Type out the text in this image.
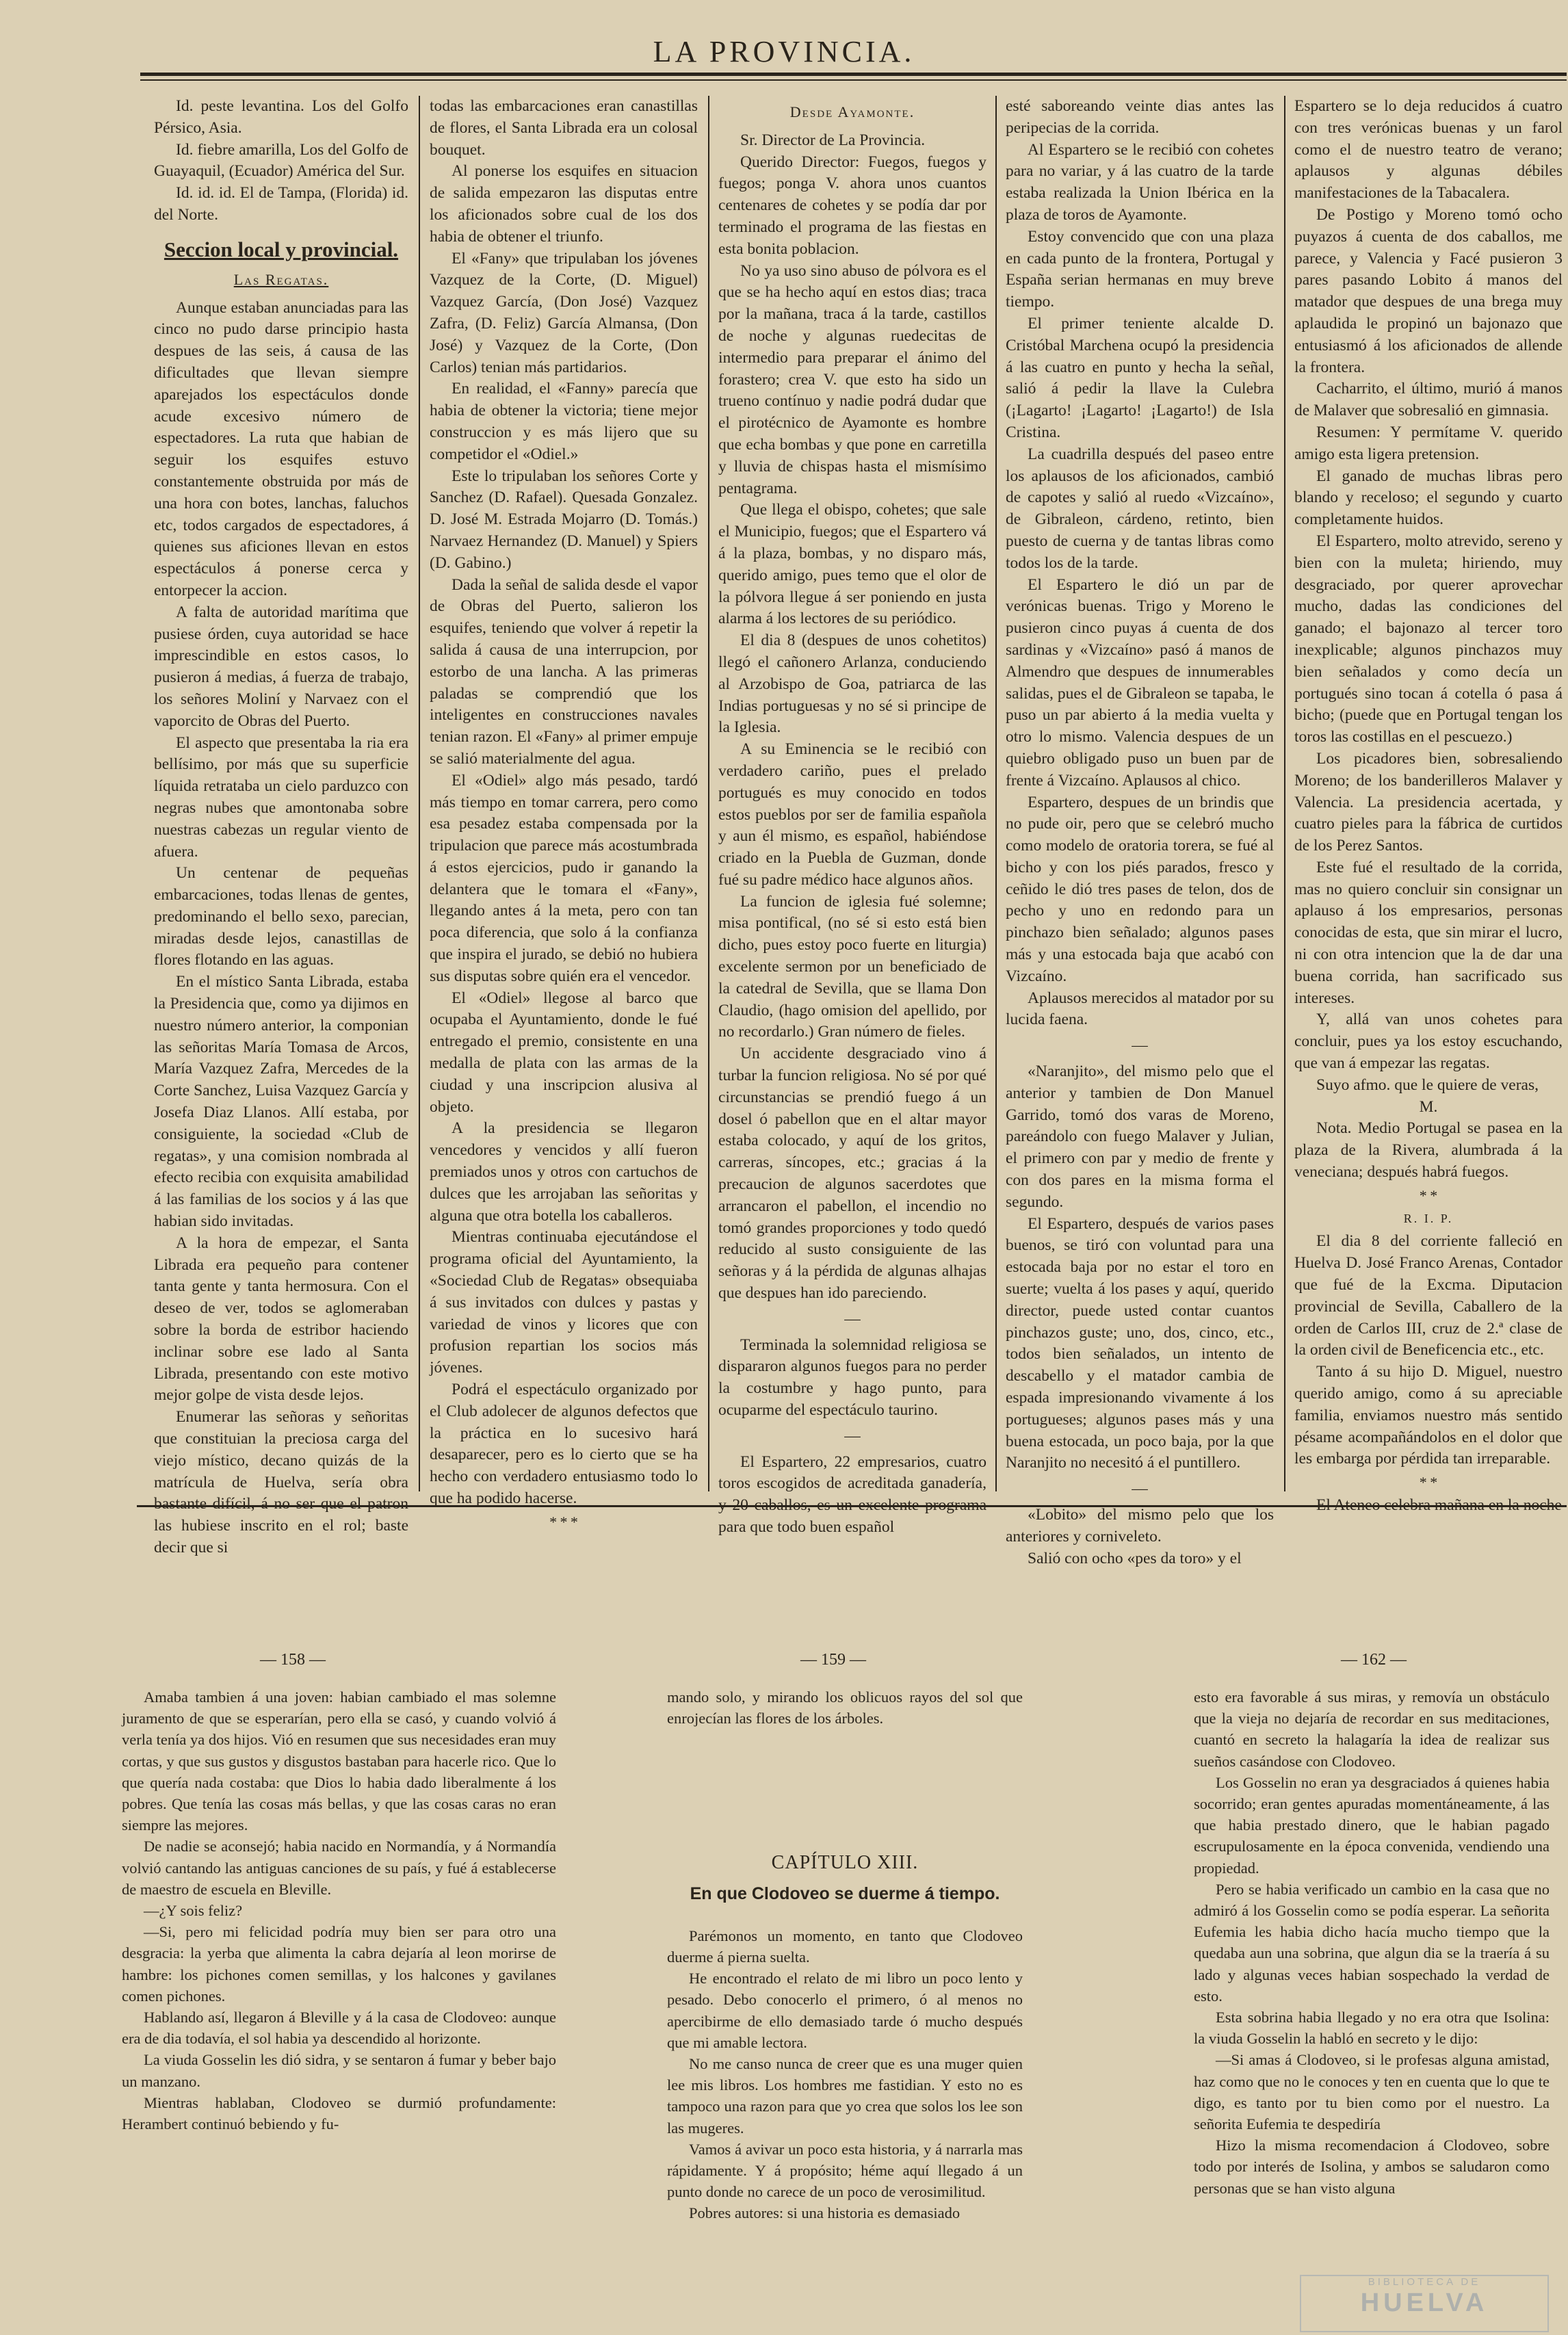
LA PROVINCIA.

Id. peste levantina. Los del Golfo Pérsico, Asia.

Id. fiebre amarilla, Los del Golfo de Guayaquil, (Ecuador) América del Sur.

Id. id. id. El de Tampa, (Florida) id. del Norte.

Seccion local y provincial.
Las Regatas.

Aunque estaban anunciadas para las cinco no pudo darse principio hasta despues de las seis, á causa de las dificultades que llevan siempre aparejados los espectáculos donde acude excesivo número de espectadores. La ruta que habian de seguir los esquifes estuvo constantemente obstruida por más de una hora con botes, lanchas, faluchos etc, todos cargados de espectadores, á quienes sus aficiones llevan en estos espectáculos á ponerse cerca y entorpecer la accion.

A falta de autoridad marítima que pusiese órden, cuya autoridad se hace imprescindible en estos casos, lo pusieron á medias, á fuerza de trabajo, los señores Moliní y Narvaez con el vaporcito de Obras del Puerto.

El aspecto que presentaba la ria era bellísimo, por más que su superficie líquida retrataba un cielo parduzco con negras nubes que amontonaba sobre nuestras cabezas un regular viento de afuera.

Un centenar de pequeñas embarcaciones, todas llenas de gentes, predominando el bello sexo, parecian, miradas desde lejos, canastillas de flores flotando en las aguas.

En el místico Santa Librada, estaba la Presidencia que, como ya dijimos en nuestro número anterior, la componian las señoritas María Tomasa de Arcos, María Vazquez Zafra, Mercedes de la Corte Sanchez, Luisa Vazquez García y Josefa Diaz Llanos. Allí estaba, por consiguiente, la sociedad «Club de regatas», y una comision nombrada al efecto recibia con exquisita amabilidad á las familias de los socios y á las que habian sido invitadas.

A la hora de empezar, el Santa Librada era pequeño para contener tanta gente y tanta hermosura. Con el deseo de ver, todos se aglomeraban sobre la borda de estribor haciendo inclinar sobre ese lado al Santa Librada, presentando con este motivo mejor golpe de vista desde lejos.

Enumerar las señoras y señoritas que constituian la preciosa carga del viejo místico, decano quizás de la matrícula de Huelva, sería obra bastante difícil, á no ser que el patron las hubiese inscrito en el rol; baste decir que si

todas las embarcaciones eran canastillas de flores, el Santa Librada era un colosal bouquet.

Al ponerse los esquifes en situacion de salida empezaron las disputas entre los aficionados sobre cual de los dos habia de obtener el triunfo.

El «Fany» que tripulaban los jóvenes Vazquez de la Corte, (D. Miguel) Vazquez García, (Don José) Vazquez Zafra, (D. Feliz) García Almansa, (Don José) y Vazquez de la Corte, (Don Carlos) tenian más partidarios.

En realidad, el «Fanny» parecía que habia de obtener la victoria; tiene mejor construccion y es más lijero que su competidor el «Odiel.»

Este lo tripulaban los señores Corte y Sanchez (D. Rafael). Quesada Gonzalez. D. José M. Estrada Mojarro (D. Tomás.) Narvaez Hernandez (D. Manuel) y Spiers (D. Gabino.)

Dada la señal de salida desde el vapor de Obras del Puerto, salieron los esquifes, teniendo que volver á repetir la salida á causa de una interrupcion, por estorbo de una lancha. A las primeras paladas se comprendió que los inteligentes en construcciones navales tenian razon. El «Fany» al primer empuje se salió materialmente del agua.

El «Odiel» algo más pesado, tardó más tiempo en tomar carrera, pero como esa pesadez estaba compensada por la tripulacion que parece más acostumbrada á estos ejercicios, pudo ir ganando la delantera que le tomara el «Fany», llegando antes á la meta, pero con tan poca diferencia, que solo á la confianza que inspira el jurado, se debió no hubiera sus disputas sobre quién era el vencedor.

El «Odiel» llegose al barco que ocupaba el Ayuntamiento, donde le fué entregado el premio, consistente en una medalla de plata con las armas de la ciudad y una inscripcion alusiva al objeto.

A la presidencia se llegaron vencedores y vencidos y allí fueron premiados unos y otros con cartuchos de dulces que les arrojaban las señoritas y alguna que otra botella los caballeros.

Mientras continuaba ejecutándose el programa oficial del Ayuntamiento, la «Sociedad Club de Regatas» obsequiaba á sus invitados con dulces y pastas y variedad de vinos y licores que con profusion repartian los socios más jóvenes.

Podrá el espectáculo organizado por el Club adolecer de algunos defectos que la práctica en lo sucesivo hará desaparecer, pero es lo cierto que se ha hecho con verdadero entusiasmo todo lo que ha podido hacerse.

* * *
Desde Ayamonte.

Sr. Director de La Provincia.

Querido Director: Fuegos, fuegos y fuegos; ponga V. ahora unos cuantos centenares de cohetes y se podía dar por terminado el programa de las fiestas en esta bonita poblacion.

No ya uso sino abuso de pólvora es el que se ha hecho aquí en estos dias; traca por la mañana, traca á la tarde, castillos de noche y algunas ruedecitas de intermedio para preparar el ánimo del forastero; crea V. que esto ha sido un trueno contínuo y nadie podrá dudar que el pirotécnico de Ayamonte es hombre que echa bombas y que pone en carretilla y lluvia de chispas hasta el mismísimo pentagrama.

Que llega el obispo, cohetes; que sale el Municipio, fuegos; que el Espartero vá á la plaza, bombas, y no disparo más, querido amigo, pues temo que el olor de la pólvora llegue á ser poniendo en justa alarma á los lectores de su periódico.

El dia 8 (despues de unos cohetitos) llegó el cañonero Arlanza, conduciendo al Arzobispo de Goa, patriarca de las Indias portuguesas y no sé si principe de la Iglesia.

A su Eminencia se le recibió con verdadero cariño, pues el prelado portugués es muy conocido en todos estos pueblos por ser de familia española y aun él mismo, es español, habiéndose criado en la Puebla de Guzman, donde fué su padre médico hace algunos años.

La funcion de iglesia fué solemne; misa pontifical, (no sé si esto está bien dicho, pues estoy poco fuerte en liturgia) excelente sermon por un beneficiado de la catedral de Sevilla, que se llama Don Claudio, (hago omision del apellido, por no recordarlo.) Gran número de fieles.

Un accidente desgraciado vino á turbar la funcion religiosa. No sé por qué circunstancias se prendió fuego á un dosel ó pabellon que en el altar mayor estaba colocado, y aquí de los gritos, carreras, síncopes, etc.; gracias á la precaucion de algunos sacerdotes que arrancaron el pabellon, el incendio no tomó grandes proporciones y todo quedó reducido al susto consiguiente de las señoras y á la pérdida de algunas alhajas que despues han ido pareciendo.

—

Terminada la solemnidad religiosa se dispararon algunos fuegos para no perder la costumbre y hago punto, para ocuparme del espectáculo taurino.

—

El Espartero, 22 empresarios, cuatro toros escogidos de acreditada ganadería, y 20 caballos, es un excelente programa para que todo buen español

esté saboreando veinte dias antes las peripecias de la corrida.

Al Espartero se le recibió con cohetes para no variar, y á las cuatro de la tarde estaba realizada la Union Ibérica en la plaza de toros de Ayamonte.

Estoy convencido que con una plaza en cada punto de la frontera, Portugal y España serian hermanas en muy breve tiempo.

El primer teniente alcalde D. Cristóbal Marchena ocupó la presidencia á las cuatro en punto y hecha la señal, salió á pedir la llave la Culebra (¡Lagarto! ¡Lagarto! ¡Lagarto!) de Isla Cristina.

La cuadrilla después del paseo entre los aplausos de los aficionados, cambió de capotes y salió al ruedo «Vizcaíno», de Gibraleon, cárdeno, retinto, bien puesto de cuerna y de tantas libras como todos los de la tarde.

El Espartero le dió un par de verónicas buenas. Trigo y Moreno le pusieron cinco puyas á cuenta de dos sardinas y «Vizcaíno» pasó á manos de Almendro que despues de innumerables salidas, pues el de Gibraleon se tapaba, le puso un par abierto á la media vuelta y otro lo mismo. Valencia despues de un quiebro obligado puso un buen par de frente á Vizcaíno. Aplausos al chico.

Espartero, despues de un brindis que no pude oir, pero que se celebró mucho como modelo de oratoria torera, se fué al bicho y con los piés parados, fresco y ceñido le dió tres pases de telon, dos de pecho y uno en redondo para un pinchazo bien señalado; algunos pases más y una estocada baja que acabó con Vizcaíno.

Aplausos merecidos al matador por su lucida faena.

—

«Naranjito», del mismo pelo que el anterior y tambien de Don Manuel Garrido, tomó dos varas de Moreno, pareándolo con fuego Malaver y Julian, el primero con par y medio de frente y con dos pares en la misma forma el segundo.

El Espartero, después de varios pases buenos, se tiró con voluntad para una estocada baja por no estar el toro en suerte; vuelta á los pases y aquí, querido director, puede usted contar cuantos pinchazos guste; uno, dos, cinco, etc., todos bien señalados, un intento de descabello y el matador cambia de espada impresionando vivamente á los portugueses; algunos pases más y una buena estocada, un poco baja, por la que Naranjito no necesitó á el puntillero.

—

«Lobito» del mismo pelo que los anteriores y corniveleto.

Salió con ocho «pes da toro» y el

Espartero se lo deja reducidos á cuatro con tres verónicas buenas y un farol como el de nuestro teatro de verano; aplausos y algunas débiles manifestaciones de la Tabacalera.

De Postigo y Moreno tomó ocho puyazos á cuenta de dos caballos, me parece, y Valencia y Facé pusieron 3 pares pasando Lobito á manos del matador que despues de una brega muy aplaudida le propinó un bajonazo que entusiasmó á los aficionados de allende la frontera.

Cacharrito, el último, murió á manos de Malaver que sobresalió en gimnasia.

Resumen: Y permítame V. querido amigo esta ligera pretension.

El ganado de muchas libras pero blando y receloso; el segundo y cuarto completamente huidos.

El Espartero, molto atrevido, sereno y bien con la muleta; hiriendo, muy desgraciado, por querer aprovechar mucho, dadas las condiciones del ganado; el bajonazo al tercer toro inexplicable; algunos pinchazos muy bien señalados y como decía un portugués sino tocan á cotella ó pasa á bicho; (puede que en Portugal tengan los toros las costillas en el pescuezo.)

Los picadores bien, sobresaliendo Moreno; de los banderilleros Malaver y Valencia. La presidencia acertada, y cuatro pieles para la fábrica de curtidos de los Perez Santos.

Este fué el resultado de la corrida, mas no quiero concluir sin consignar un aplauso á los empresarios, personas conocidas de esta, que sin mirar el lucro, ni con otra intencion que la de dar una buena corrida, han sacrificado sus intereses.

Y, allá van unos cohetes para concluir, pues ya los estoy escuchando, que van á empezar las regatas.

Suyo afmo. que le quiere de veras,

M.

Nota. Medio Portugal se pasea en la plaza de la Rivera, alumbrada á la veneciana; después habrá fuegos.

* *
R. I. P.

El dia 8 del corriente falleció en Huelva D. José Franco Arenas, Contador que fué de la Excma. Diputacion provincial de Sevilla, Caballero de la orden de Carlos III, cruz de 2.ª clase de la orden civil de Beneficencia etc., etc.

Tanto á su hijo D. Miguel, nuestro querido amigo, como á su apreciable familia, enviamos nuestro más sentido pésame acompañándolos en el dolor que les embarga por pérdida tan irreparable.

* *

El Ateneo celebra mañana en la noche

— 158 —	— 159 —	— 162 —

Amaba tambien á una joven: habian cambiado el mas solemne juramento de que se esperarían, pero ella se casó, y cuando volvió á verla tenía ya dos hijos. Vió en resumen que sus necesidades eran muy cortas, y que sus gustos y disgustos bastaban para hacerle rico. Que lo que quería nada costaba: que Dios lo habia dado liberalmente á los pobres. Que tenía las cosas más bellas, y que las cosas caras no eran siempre las mejores.

De nadie se aconsejó; habia nacido en Normandía, y á Normandía volvió cantando las antiguas canciones de su país, y fué á establecerse de maestro de escuela en Bleville.

—¿Y sois feliz?

—Si, pero mi felicidad podría muy bien ser para otro una desgracia: la yerba que alimenta la cabra dejaría al leon morirse de hambre: los pichones comen semillas, y los halcones y gavilanes comen pichones.

Hablando así, llegaron á Bleville y á la casa de Clodoveo: aunque era de dia todavía, el sol habia ya descendido al horizonte.

La viuda Gosselin les dió sidra, y se sentaron á fumar y beber bajo un manzano.

Mientras hablaban, Clodoveo se durmió profundamente: Herambert continuó bebiendo y fu-

mando solo, y mirando los oblicuos rayos del sol que enrojecían las flores de los árboles.

CAPÍTULO XIII.
En que Clodoveo se duerme á tiempo.

Parémonos un momento, en tanto que Clodoveo duerme á pierna suelta.

He encontrado el relato de mi libro un poco lento y pesado. Debo conocerlo el primero, ó al menos no apercibirme de ello demasiado tarde ó mucho después que mi amable lectora.

No me canso nunca de creer que es una muger quien lee mis libros. Los hombres me fastidian. Y esto no es tampoco una razon para que yo crea que solos los lee son las mugeres.

Vamos á avivar un poco esta historia, y á narrarla mas rápidamente. Y á propósito; héme aquí llegado á un punto donde no carece de un poco de verosimilitud.

Pobres autores: si una historia es demasiado

esto era favorable á sus miras, y removía un obstáculo que la vieja no dejaría de recordar en sus meditaciones, cuantó en secreto la halagaría la idea de realizar sus sueños casándose con Clodoveo.

Los Gosselin no eran ya desgraciados á quienes habia socorrido; eran gentes apuradas momentáneamente, á las que habia prestado dinero, que le habian pagado escrupulosamente en la época convenida, vendiendo una propiedad.

Pero se habia verificado un cambio en la casa que no admiró á los Gosselin como se podía esperar. La señorita Eufemia les habia dicho hacía mucho tiempo que la quedaba aun una sobrina, que algun dia se la traería á su lado y algunas veces habian sospechado la verdad de esto.

Esta sobrina habia llegado y no era otra que Isolina: la viuda Gosselin la habló en secreto y le dijo:

—Si amas á Clodoveo, si le profesas alguna amistad, haz como que no le conoces y ten en cuenta que lo que te digo, es tanto por tu bien como por el nuestro. La señorita Eufemia te despediría

Hizo la misma recomendacion á Clodoveo, sobre todo por interés de Isolina, y ambos se saludaron como personas que se han visto alguna

BIBLIOTECA DE
HUELVA
